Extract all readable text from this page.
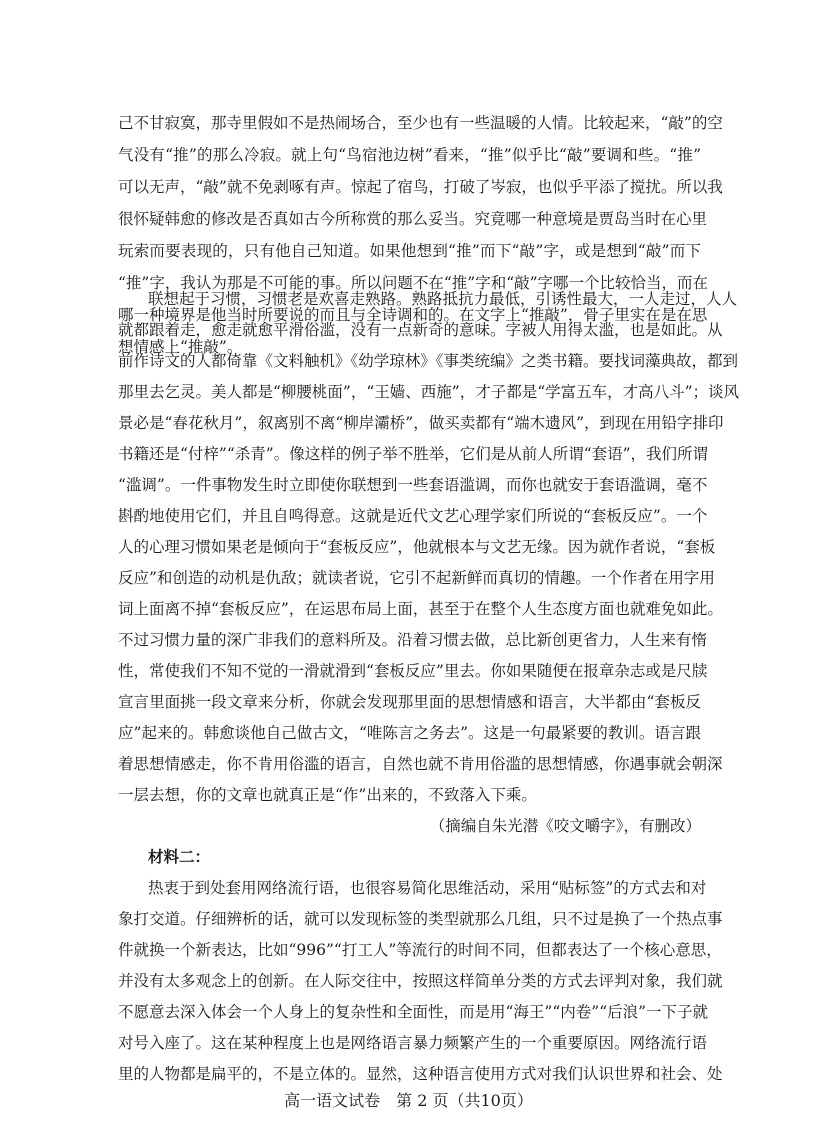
己不甘寂寞，那寺里假如不是热闹场合，至少也有一些温暖的人情。比较起来，“敲”的空
气没有“推”的那么冷寂。就上句“鸟宿池边树”看来，“推”似乎比“敲”要调和些。“推”
可以无声，“敲”就不免剥啄有声。惊起了宿鸟，打破了岑寂，也似乎平添了搅扰。所以我
很怀疑韩愈的修改是否真如古今所称赏的那么妥当。究竟哪一种意境是贾岛当时在心里
玩索而要表现的，只有他自己知道。如果他想到“推”而下“敲”字，或是想到“敲”而下
“推”字，我认为那是不可能的事。所以问题不在“推”字和“敲”字哪一个比较恰当，而在
哪一种境界是他当时所要说的而且与全诗调和的。在文字上“推敲”，骨子里实在是在思
想情感上“推敲”。
联想起于习惯，习惯老是欢喜走熟路。熟路抵抗力最低，引诱性最大，一人走过，人人
就都跟着走，愈走就愈平滑俗滥，没有一点新奇的意味。字被人用得太滥，也是如此。从
前作诗文的人都倚靠《文料触机》《幼学琼林》《事类统编》之类书籍。要找词藻典故，都到
那里去乞灵。美人都是“柳腰桃面”，“王嫱、西施”，才子都是“学富五车，才高八斗”；谈风
景必是“春花秋月”，叙离别不离“柳岸灞桥”，做买卖都有“端木遗风”，到现在用铅字排印
书籍还是“付梓”“杀青”。像这样的例子举不胜举，它们是从前人所谓“套语”，我们所谓
“滥调”。一件事物发生时立即使你联想到一些套语滥调，而你也就安于套语滥调，毫不
斟酌地使用它们，并且自鸣得意。这就是近代文艺心理学家们所说的“套板反应”。一个
人的心理习惯如果老是倾向于“套板反应”，他就根本与文艺无缘。因为就作者说，“套板
反应”和创造的动机是仇敌；就读者说，它引不起新鲜而真切的情趣。一个作者在用字用
词上面离不掉“套板反应”，在运思布局上面，甚至于在整个人生态度方面也就难免如此。
不过习惯力量的深广非我们的意料所及。沿着习惯去做，总比新创更省力，人生来有惰
性，常使我们不知不觉的一滑就滑到“套板反应”里去。你如果随便在报章杂志或是尺牍
宣言里面挑一段文章来分析，你就会发现那里面的思想情感和语言，大半都由“套板反
应”起来的。韩愈谈他自己做古文，“唯陈言之务去”。这是一句最紧要的教训。语言跟
着思想情感走，你不肯用俗滥的语言，自然也就不肯用俗滥的思想情感，你遇事就会朝深
一层去想，你的文章也就真正是“作”出来的，不致落入下乘。
（摘编自朱光潜《咬文嚼字》，有删改）
材料二：
热衷于到处套用网络流行语，也很容易简化思维活动，采用“贴标签”的方式去和对
象打交道。仔细辨析的话，就可以发现标签的类型就那么几组，只不过是换了一个热点事
件就换一个新表达，比如“996”“打工人”等流行的时间不同，但都表达了一个核心意思，
并没有太多观念上的创新。在人际交往中，按照这样简单分类的方式去评判对象，我们就
不愿意去深入体会一个人身上的复杂性和全面性，而是用“海王”“内卷”“后浪”一下子就
对号入座了。这在某种程度上也是网络语言暴力频繁产生的一个重要原因。网络流行语
里的人物都是扁平的，不是立体的。显然，这种语言使用方式对我们认识世界和社会、处
高一语文试卷　第 2 页（共10页）
